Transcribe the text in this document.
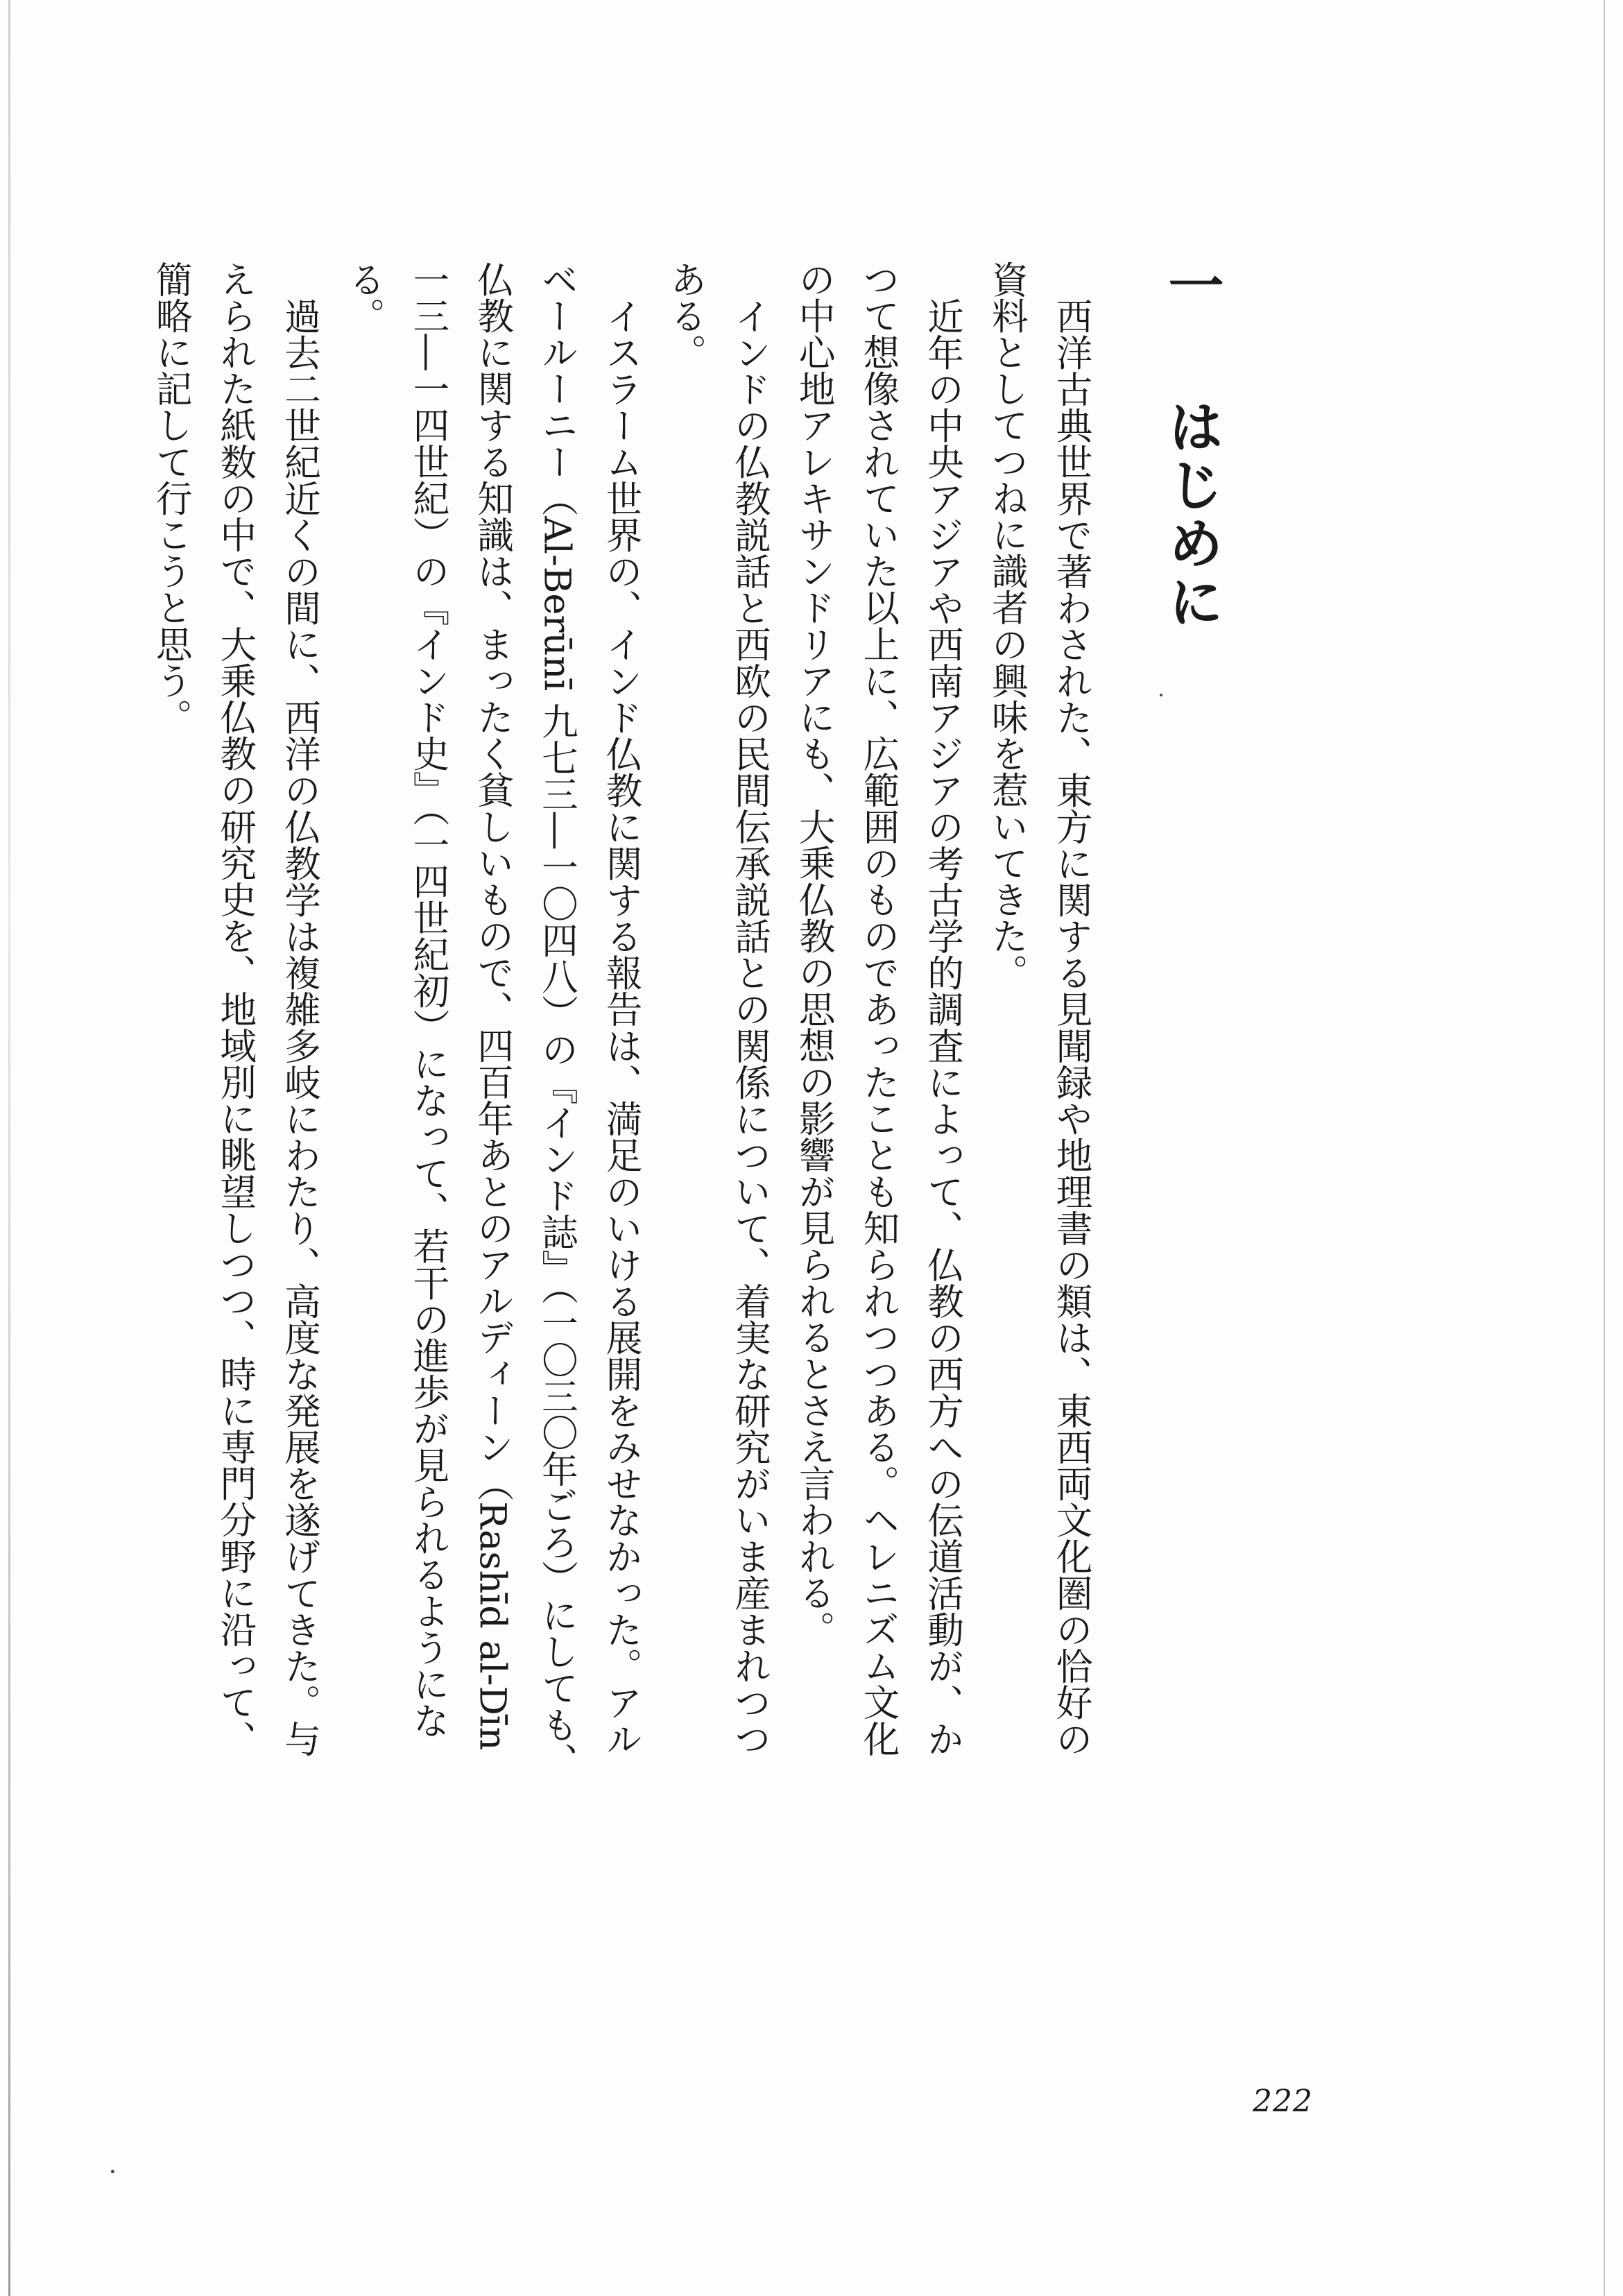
一はじめに

西洋古典世界で著わされた、東方に関する見聞録や地理書の類は、東西両文化圏の恰好の資料としてつねに識者の興味を惹いてきた。

近年の中央アジアや西南アジアの考古学的調査によって、仏教の西方への伝道活動が、かつて想像されていた以上に、広範囲のものであったことも知られつつある。ヘレニズム文化の中心地アレキサンドリアにも、大乗仏教の思想の影響が見られるとさえ言われる。

インドの仏教説話と西欧の民間伝承説話との関係について、着実な研究がいま産まれつつある。

イスラーム世界の、インド仏教に関する報告は、満足のいける展開をみせなかった。アルベールーニー（Al-Berūnī 九七三―一〇四八）の『インド誌』（一〇三〇年ごろ）にしても、仏教に関する知識は、まったく貧しいもので、四百年あとのアルディーン（Rashīd al-Dīn 一三―一四世紀）の『インド史』（一四世紀初）になって、若干の進歩が見られるようになる。

過去二世紀近くの間に、西洋の仏教学は複雑多岐にわたり、高度な発展を遂げてきた。与えられた紙数の中で、大乗仏教の研究史を、地域別に眺望しつつ、時に専門分野に沿って、簡略に記して行こうと思う。

222
